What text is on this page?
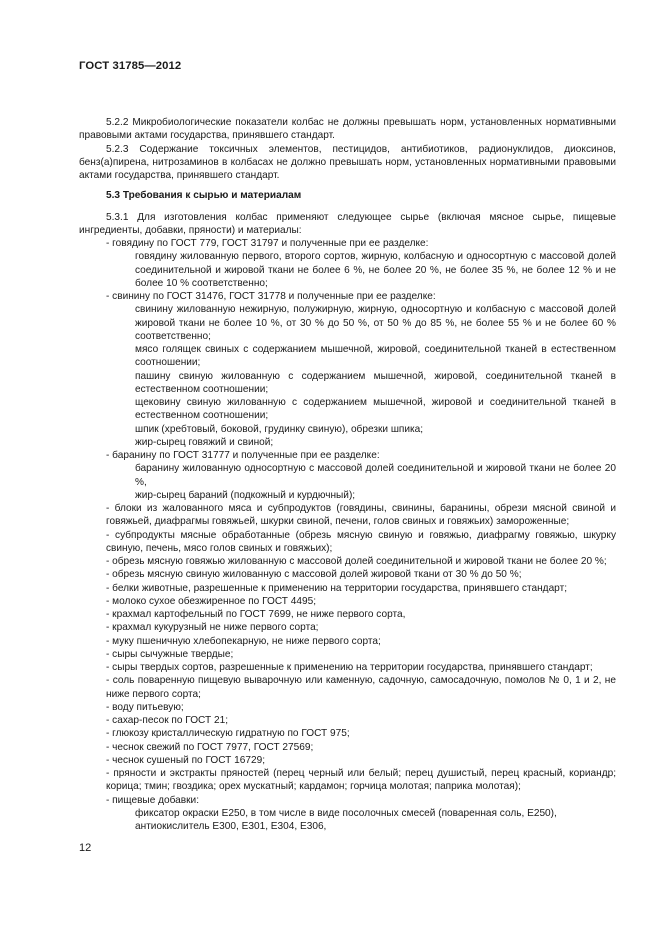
ГОСТ 31785—2012

5.2.2 Микробиологические показатели колбас не должны превышать норм, установленных нормативными правовыми актами государства, принявшего стандарт.

5.2.3 Содержание токсичных элементов, пестицидов, антибиотиков, радионуклидов, диоксинов, бенз(а)пирена, нитрозаминов в колбасах не должно превышать норм, установленных нормативными правовыми актами государства, принявшего стандарт.

5.3 Требования к сырью и материалам

5.3.1 Для изготовления колбас применяют следующее сырье (включая мясное сырье, пищевые ингредиенты, добавки, пряности) и материалы:

- говядину по ГОСТ 779, ГОСТ 31797 и полученные при ее разделке:

говядину жилованную первого, второго сортов, жирную, колбасную и односортную с массовой долей соединительной и жировой ткани не более 6 %, не более 20 %, не более 35 %, не более 12 % и не более 10 % соответственно;

- свинину по ГОСТ 31476, ГОСТ 31778 и полученные при ее разделке:

свинину жилованную нежирную, полужирную, жирную, односортную и колбасную с массовой долей жировой ткани не более 10 %, от 30 % до 50 %, от 50 % до 85 %, не более 55 % и не более 60 % соответственно;

мясо голящек свиных с содержанием мышечной, жировой, соединительной тканей в естественном соотношении;

пашину свиную жилованную с содержанием мышечной, жировой, соединительной тканей в естественном соотношении;

щековину свиную жилованную с содержанием мышечной, жировой и соединительной тканей в естественном соотношении;

шпик (хребтовый, боковой, грудинку свиную), обрезки шпика;

жир-сырец говяжий и свиной;

- баранину по ГОСТ 31777 и полученные при ее разделке:

баранину жилованную односортную с массовой долей соединительной и жировой ткани не более 20 %,

жир-сырец бараний (подкожный и курдючный);

- блоки из жалованного мяса и субпродуктов (говядины, свинины, баранины, обрези мясной свиной и говяжьей, диафрагмы говяжьей, шкурки свиной, печени, голов свиных и говяжьих) замороженные;

- субпродукты мясные обработанные (обрезь мясную свиную и говяжью, диафрагму говяжью, шкурку свиную, печень, мясо голов свиных и говяжьих);

- обрезь мясную говяжью жилованную с массовой долей соединительной и жировой ткани не более 20 %;

- обрезь мясную свиную жилованную с массовой долей жировой ткани от 30 % до 50 %;

- белки животные, разрешенные к применению на территории государства, принявшего стандарт;

- молоко сухое обезжиренное по ГОСТ 4495;

- крахмал картофельный по ГОСТ 7699, не ниже первого сорта,

- крахмал кукурузный не ниже первого сорта;

- муку пшеничную хлебопекарную, не ниже первого сорта;

- сыры сычужные твердые;

- сыры твердых сортов, разрешенные к применению на территории государства, принявшего стандарт;

- соль поваренную пищевую выварочную или каменную, садочную, самосадочную, помолов № 0, 1 и 2, не ниже первого сорта;

- воду питьевую;

- сахар-песок по ГОСТ 21;

- глюкозу кристаллическую гидратную по ГОСТ 975;

- чеснок свежий по ГОСТ 7977, ГОСТ 27569;

- чеснок сушеный по ГОСТ 16729;

- пряности и экстракты пряностей (перец черный или белый; перец душистый, перец красный, кориандр; корица; тмин; гвоздика; орех мускатный; кардамон; горчица молотая; паприка молотая);

- пищевые добавки:

фиксатор окраски Е250, в том числе в виде посолочных смесей (поваренная соль, Е250),

антиокислитель Е300, Е301, Е304, Е306,

12
